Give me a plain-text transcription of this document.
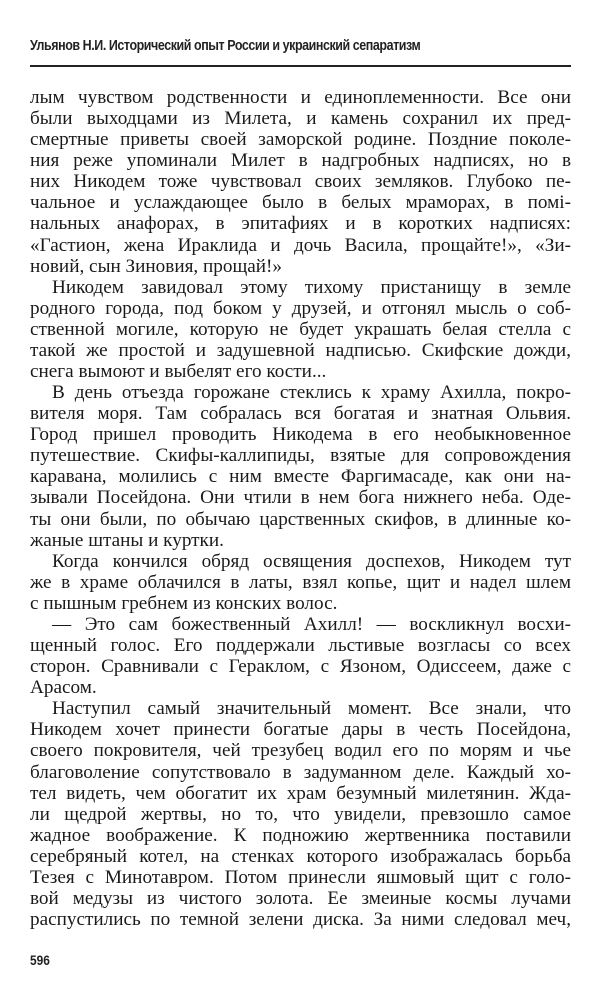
Ульянов Н.И. Исторический опыт России и украинский сепаратизм
лым чувством родственности и единоплеменности. Все они
были выходцами из Милета, и камень сохранил их пред-
смертные приветы своей заморской родине. Поздние поколе-
ния реже упоминали Милет в надгробных надписях, но в
них Никодем тоже чувствовал своих земляков. Глубоко пе-
чальное и услаждающее было в белых мраморах, в помі-
нальных анафорах, в эпитафиях и в коротких надписях:
«Гастион, жена Ираклида и дочь Васила, прощайте!», «Зи-
новий, сын Зиновия, прощай!»
Никодем завидовал этому тихому пристанищу в земле
родного города, под боком у друзей, и отгонял мысль о соб-
ственной могиле, которую не будет украшать белая стелла с
такой же простой и задушевной надписью. Скифские дожди,
снега вымоют и выбелят его кости...
В день отъезда горожане стеклись к храму Ахилла, покро-
вителя моря. Там собралась вся богатая и знатная Ольвия.
Город пришел проводить Никодема в его необыкновенное
путешествие. Скифы-каллипиды, взятые для сопровождения
каравана, молились с ним вместе Фаргимасаде, как они на-
зывали Посейдона. Они чтили в нем бога нижнего неба. Оде-
ты они были, по обычаю царственных скифов, в длинные ко-
жаные штаны и куртки.
Когда кончился обряд освящения доспехов, Никодем тут
же в храме облачился в латы, взял копье, щит и надел шлем
с пышным гребнем из конских волос.
— Это сам божественный Ахилл! — воскликнул восхи-
щенный голос. Его поддержали льстивые возгласы со всех
сторон. Сравнивали с Гераклом, с Язоном, Одиссеем, даже с
Арасом.
Наступил самый значительный момент. Все знали, что
Никодем хочет принести богатые дары в честь Посейдона,
своего покровителя, чей трезубец водил его по морям и чье
благоволение сопутствовало в задуманном деле. Каждый хо-
тел видеть, чем обогатит их храм безумный милетянин. Жда-
ли щедрой жертвы, но то, что увидели, превзошло самое
жадное воображение. К подножию жертвенника поставили
серебряный котел, на стенках которого изображалась борьба
Тезея с Минотавром. Потом принесли яшмовый щит с голо-
вой медузы из чистого золота. Ее змеиные космы лучами
распустились по темной зелени диска. За ними следовал меч,
596
